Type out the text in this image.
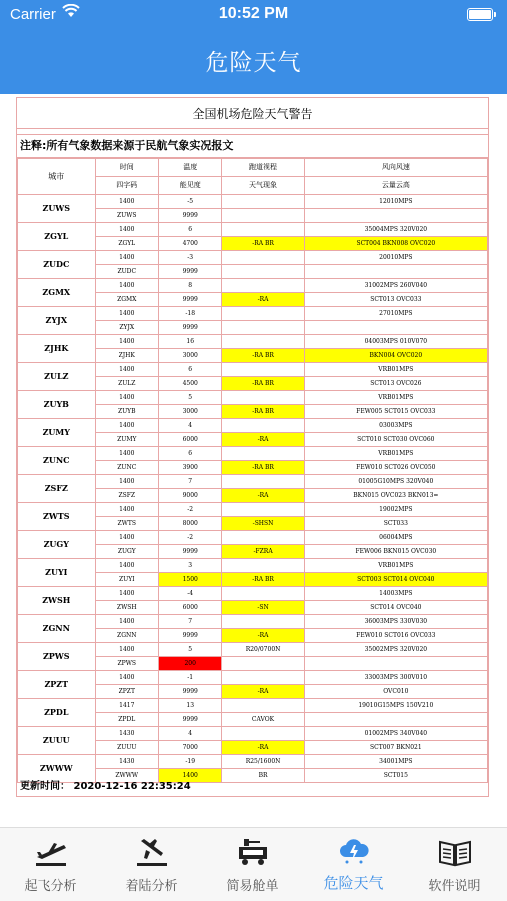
Carrier	10:52 PM
危险天气
全国机场危险天气警告
注释:所有气象数据来源于民航气象实况报文
城市	时间	温度	跑道视程	风向风速
	四字码	能见度	天气现象	云量云高
ZUWS	1400	-5		12010MPS
	ZUWS	9999		
ZGYL	1400	6		35004MPS 320V020
	ZGYL	4700	-RA BR	SCT004 BKN008 OVC020
ZUDC	1400	-3		20010MPS
	ZUDC	9999		
ZGMX	1400	8		31002MPS 260V040
	ZGMX	9999	-RA	SCT013 OVC033
ZYJX	1400	-18		27010MPS
	ZYJX	9999		
ZJHK	1400	16		04003MPS 010V070
	ZJHK	3000	-RA BR	BKN004 OVC020
ZULZ	1400	6		VRB01MPS
	ZULZ	4500	-RA BR	SCT013 OVC026
ZUYB	1400	5		VRB01MPS
	ZUYB	3000	-RA BR	FEW005 SCT015 OVC033
ZUMY	1400	4		03003MPS
	ZUMY	6000	-RA	SCT010 SCT030 OVC060
ZUNC	1400	6		VRB01MPS
	ZUNC	3900	-RA BR	FEW010 SCT026 OVC050
ZSFZ	1400	7		01005G10MPS 320V040
	ZSFZ	9000	-RA	BKN015 OVC023 BKN013=
ZWTS	1400	-2		19002MPS
	ZWTS	8000	-SHSN	SCT033
ZUGY	1400	-2		06004MPS
	ZUGY	9999	-FZRA	FEW006 BKN015 OVC030
ZUYI	1400	3		VRB01MPS
	ZUYI	1500	-RA BR	SCT003 SCT014 OVC040
ZWSH	1400	-4		14003MPS
	ZWSH	6000	-SN	SCT014 OVC040
ZGNN	1400	7		36003MPS 330V030
	ZGNN	9999	-RA	FEW010 SCT016 OVC033
ZPWS	1400	5	R20/0700N	35002MPS 320V020
	ZPWS	200		
ZPZT	1400	-1		33003MPS 300V010
	ZPZT	9999	-RA	OVC010
ZPDL	1417	13		19010G15MPS 150V210
	ZPDL	9999	CAVOK	
ZUUU	1430	4		01002MPS 340V040
	ZUUU	7000	-RA	SCT007 BKN021
ZWWW	1430	-19	R25/1600N	34001MPS
	ZWWW	1400	BR	SCT015
更新时间： 2020-12-16 22:35:24
起飞分析	着陆分析	简易舱单	危险天气	软件说明
